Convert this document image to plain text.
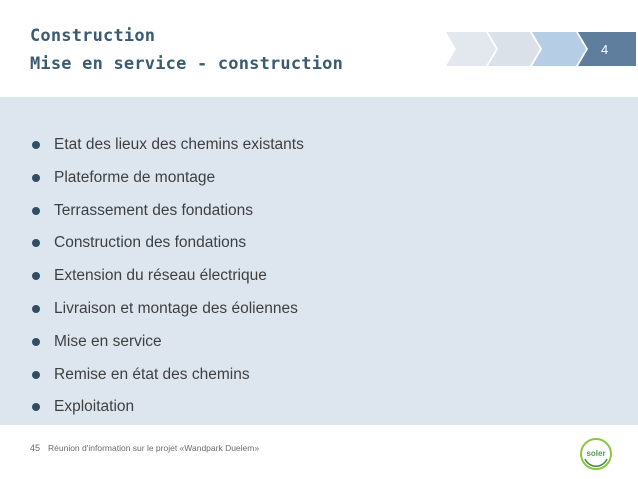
Construction
Mise en service - construction
4
Etat des lieux des chemins existants
Plateforme de montage
Terrassement des fondations
Construction des fondations
Extension du réseau électrique
Livraison et montage des éoliennes
Mise en service
Remise en état des chemins
Exploitation
45 Réunion d'information sur le projet «Wandpark Duelem»
soler
